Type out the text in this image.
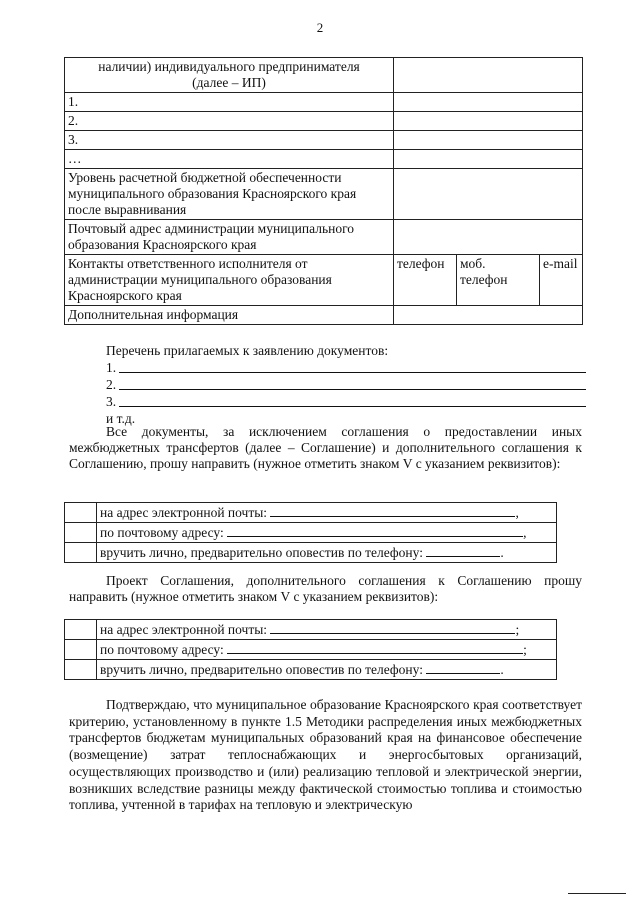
2
наличии) индивидуального предпринимателя
(далее – ИП)			
1.			
2.			
3.			
…			
Уровень расчетной бюджетной обеспеченности муниципального образования Красноярского края после выравнивания			
Почтовый адрес администрации муниципального образования Красноярского края			
Контакты ответственного исполнителя от администрации муниципального образования Красноярского края	телефон	моб. телефон	e-mail
Дополнительная информация			
Перечень прилагаемых к заявлению документов:
1.
2.
3.
и т.д.
Все документы, за исключением соглашения о предоставлении иных межбюджетных трансфертов (далее – Соглашение) и дополнительного соглашения к Соглашению, прошу направить (нужное отметить знаком V с указанием реквизитов):
	на адрес электронной почты: ,
	по почтовому адресу: ,
	вручить лично, предварительно оповестив по телефону: .
Проект Соглашения, дополнительного соглашения к Соглашению прошу направить (нужное отметить знаком V с указанием реквизитов):
	на адрес электронной почты: ;
	по почтовому адресу: ;
	вручить лично, предварительно оповестив по телефону: .
Подтверждаю, что муниципальное образование Красноярского края соответствует критерию, установленному в пункте 1.5 Методики распределения иных межбюджетных трансфертов бюджетам муниципальных образований края на финансовое обеспечение (возмещение) затрат теплоснабжающих и энергосбытовых организаций, осуществляющих производство и (или) реализацию тепловой и электрической энергии, возникших вследствие разницы между фактической стоимостью топлива и стоимостью топлива, учтенной в тарифах на тепловую и электрическую
